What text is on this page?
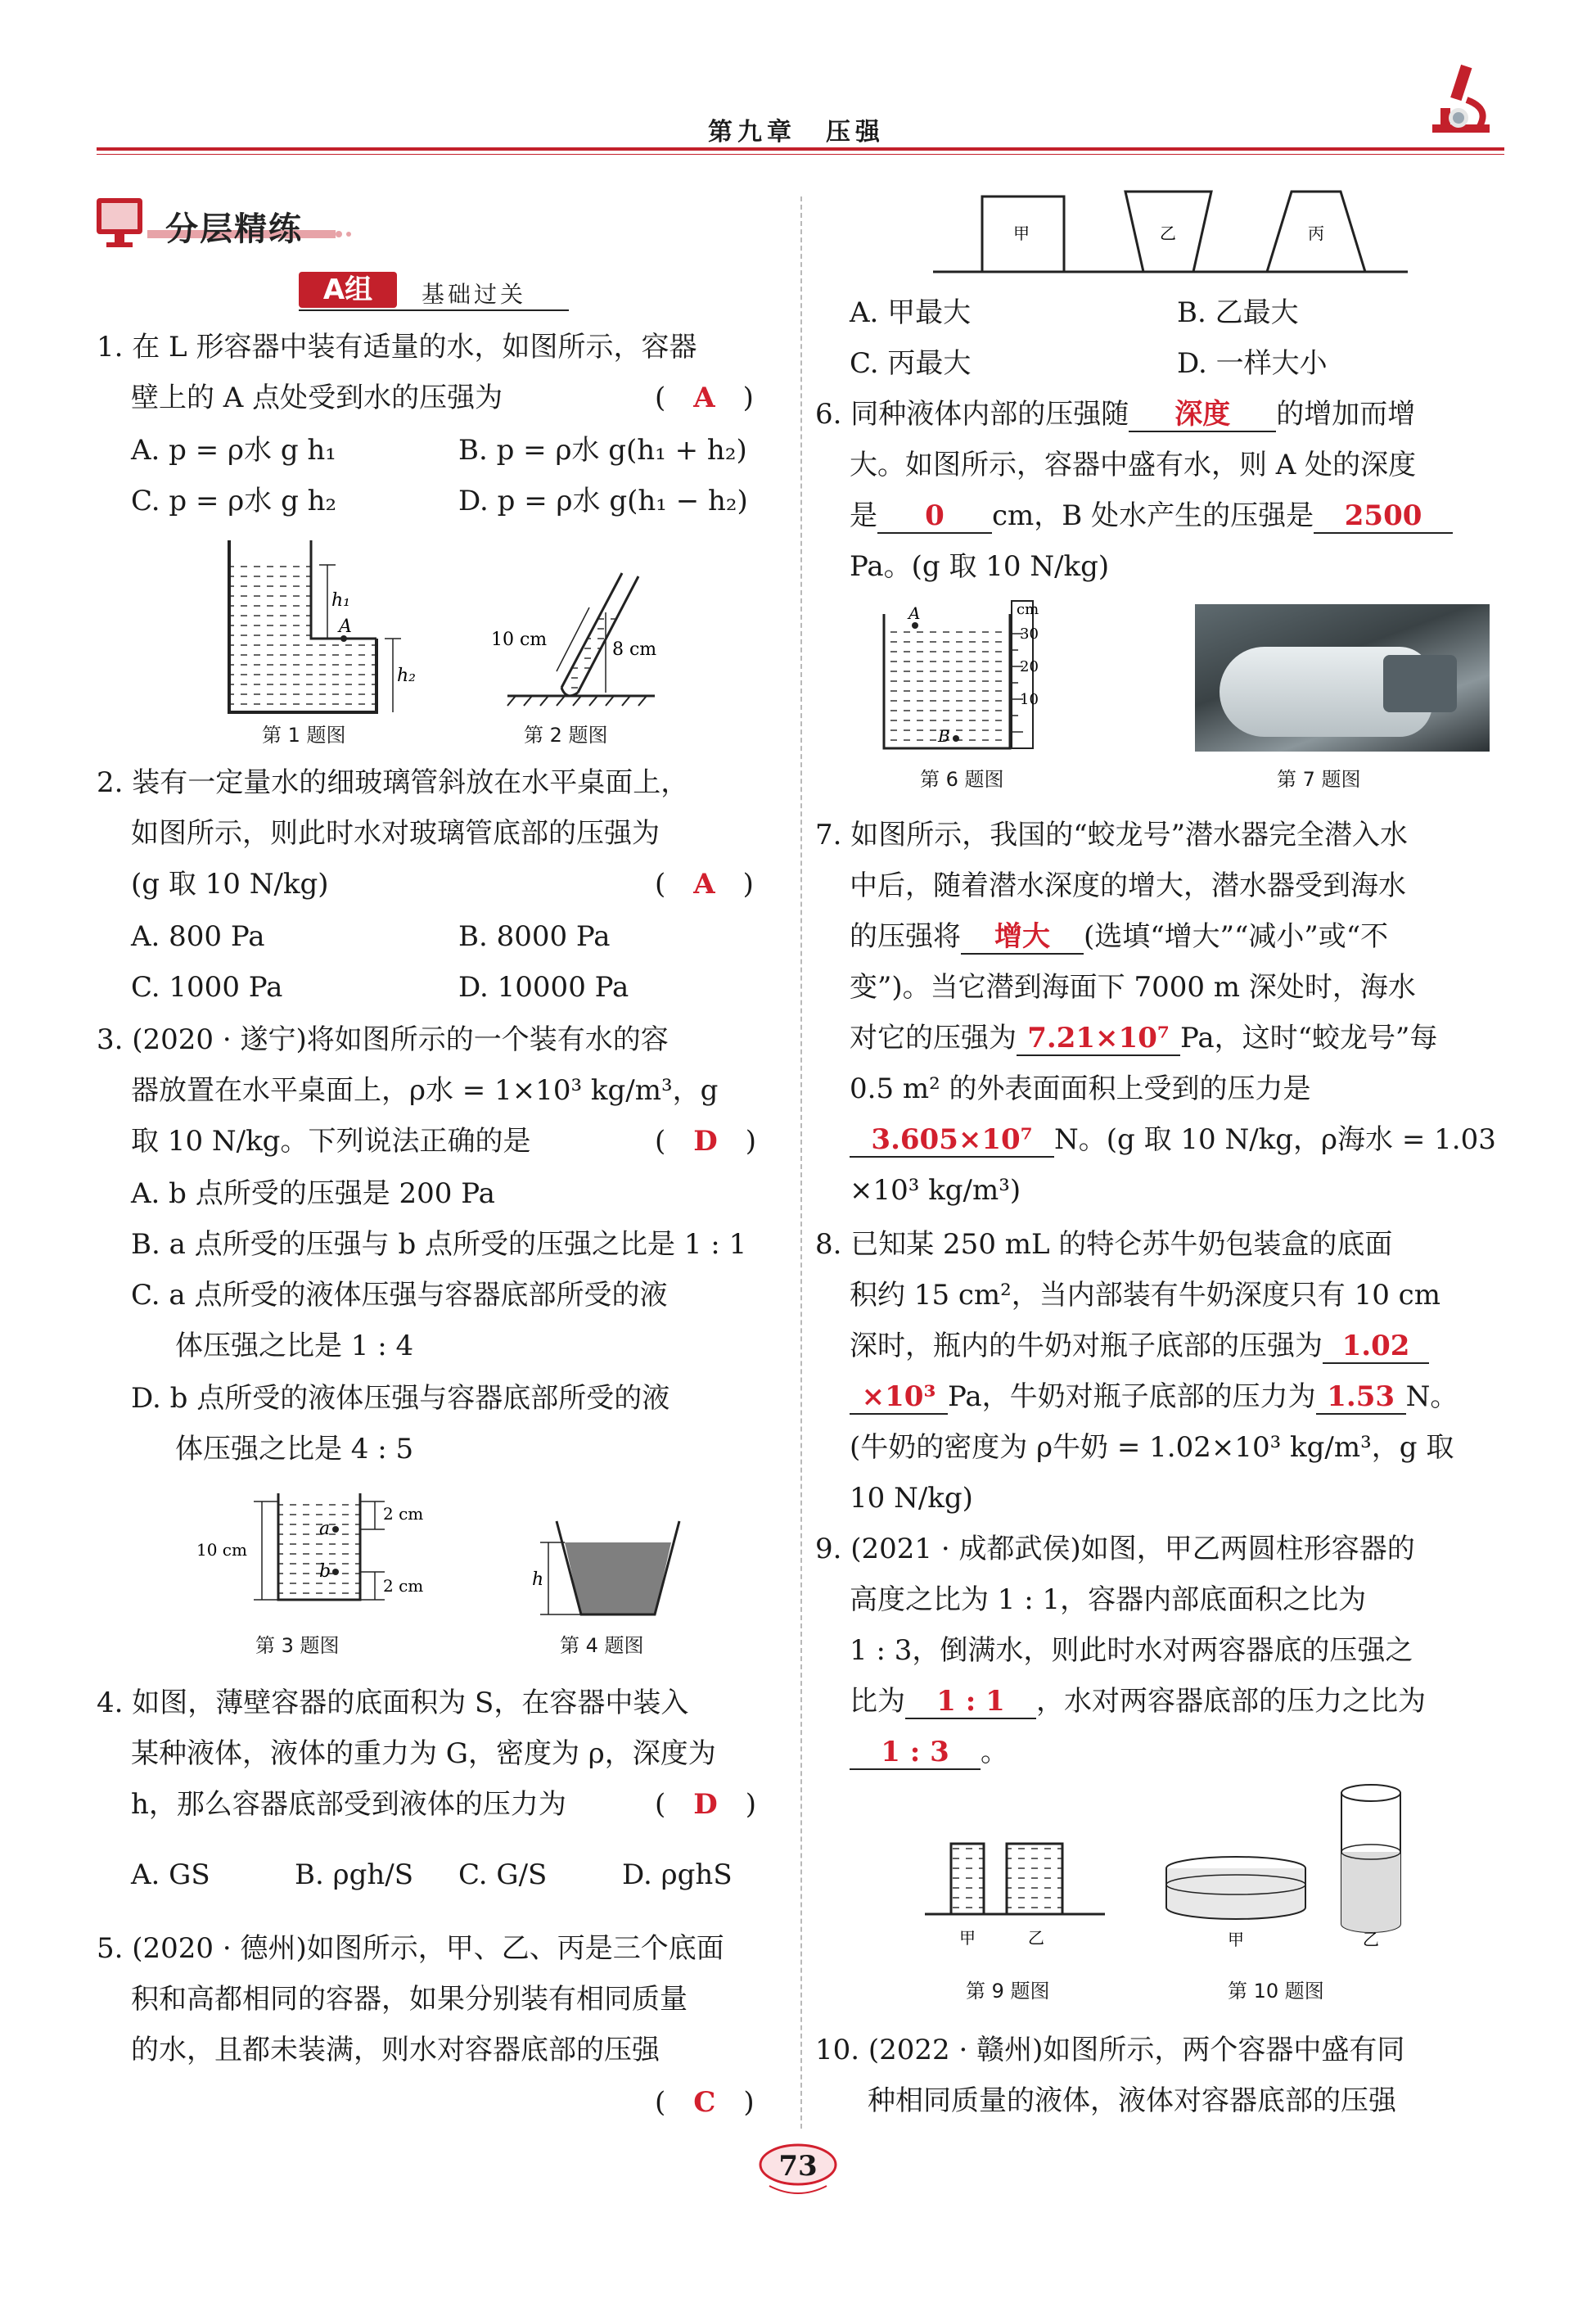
第九章　压强
分层精练
A组	基础过关
1. 在 L 形容器中装有适量的水，如图所示，容器
壁上的 A 点处受到水的压强为	(　A　)
A. p = ρ水 g h₁	B. p = ρ水 g(h₁ + h₂)
C. p = ρ水 g h₂	D. p = ρ水 g(h₁ − h₂)
h₁
h₂
A
第 1 题图
10 cm	8 cm
第 2 题图
2. 装有一定量水的细玻璃管斜放在水平桌面上，
如图所示，则此时水对玻璃管底部的压强为
(g 取 10 N/kg)	(　A　)
A. 800 Pa	B. 8000 Pa
C. 1000 Pa	D. 10000 Pa
3. (2020 · 遂宁)将如图所示的一个装有水的容
器放置在水平桌面上，ρ水 = 1×10³ kg/m³，g
取 10 N/kg。下列说法正确的是	(　D　)
A. b 点所受的压强是 200 Pa
B. a 点所受的压强与 b 点所受的压强之比是 1 : 1
C. a 点所受的液体压强与容器底部所受的液
体压强之比是 1 : 4
D. b 点所受的液体压强与容器底部所受的液
体压强之比是 4 : 5
a
b
10 cm
2 cm
2 cm
第 3 题图
h
第 4 题图
4. 如图，薄壁容器的底面积为 S，在容器中装入
某种液体，液体的重力为 G，密度为 ρ，深度为
h，那么容器底部受到液体的压力为	(　D　)
A. GS	B. ρgh/S C. G/S	D. ρghS
5. (2020 · 德州)如图所示，甲、乙、丙是三个底面
积和高都相同的容器，如果分别装有相同质量
的水，且都未装满，则水对容器底部的压强
(　C　)
甲	乙	丙
A. 甲最大	B. 乙最大
C. 丙最大	D. 一样大小
6. 同种液体内部的压强随 深度 的增加而增
大。如图所示，容器中盛有水，则 A 处的深度
是 0 cm，B 处水产生的压强是 2500
Pa。(g 取 10 N/kg)
cm
30
20
10
A
B
第 6 题图	第 7 题图
7. 如图所示，我国的“蛟龙号”潜水器完全潜入水
中后，随着潜水深度的增大，潜水器受到海水
的压强将 增大 (选填“增大”“减小”或“不
变”)。当它潜到海面下 7000 m 深处时，海水
对它的压强为 7.21×10⁷ Pa，这时“蛟龙号”每
0.5 m² 的外表面面积上受到的压力是
3.605×10⁷ N。(g 取 10 N/kg，ρ海水 = 1.03
×10³ kg/m³)
8. 已知某 250 mL 的特仑苏牛奶包装盒的底面
积约 15 cm²，当内部装有牛奶深度只有 10 cm
深时，瓶内的牛奶对瓶子底部的压强为 1.02
×10³ Pa，牛奶对瓶子底部的压力为 1.53 N。
(牛奶的密度为 ρ牛奶 = 1.02×10³ kg/m³，g 取
10 N/kg)
9. (2021 · 成都武侯)如图，甲乙两圆柱形容器的
高度之比为 1 : 1，容器内部底面积之比为
1 : 3，倒满水，则此时水对两容器底的压强之
比为 1 : 1 ，水对两容器底部的压力之比为
1 : 3 。
甲	乙
第 9 题图
甲	乙
第 10 题图
10. (2022 · 赣州)如图所示，两个容器中盛有同
种相同质量的液体，液体对容器底部的压强
73
